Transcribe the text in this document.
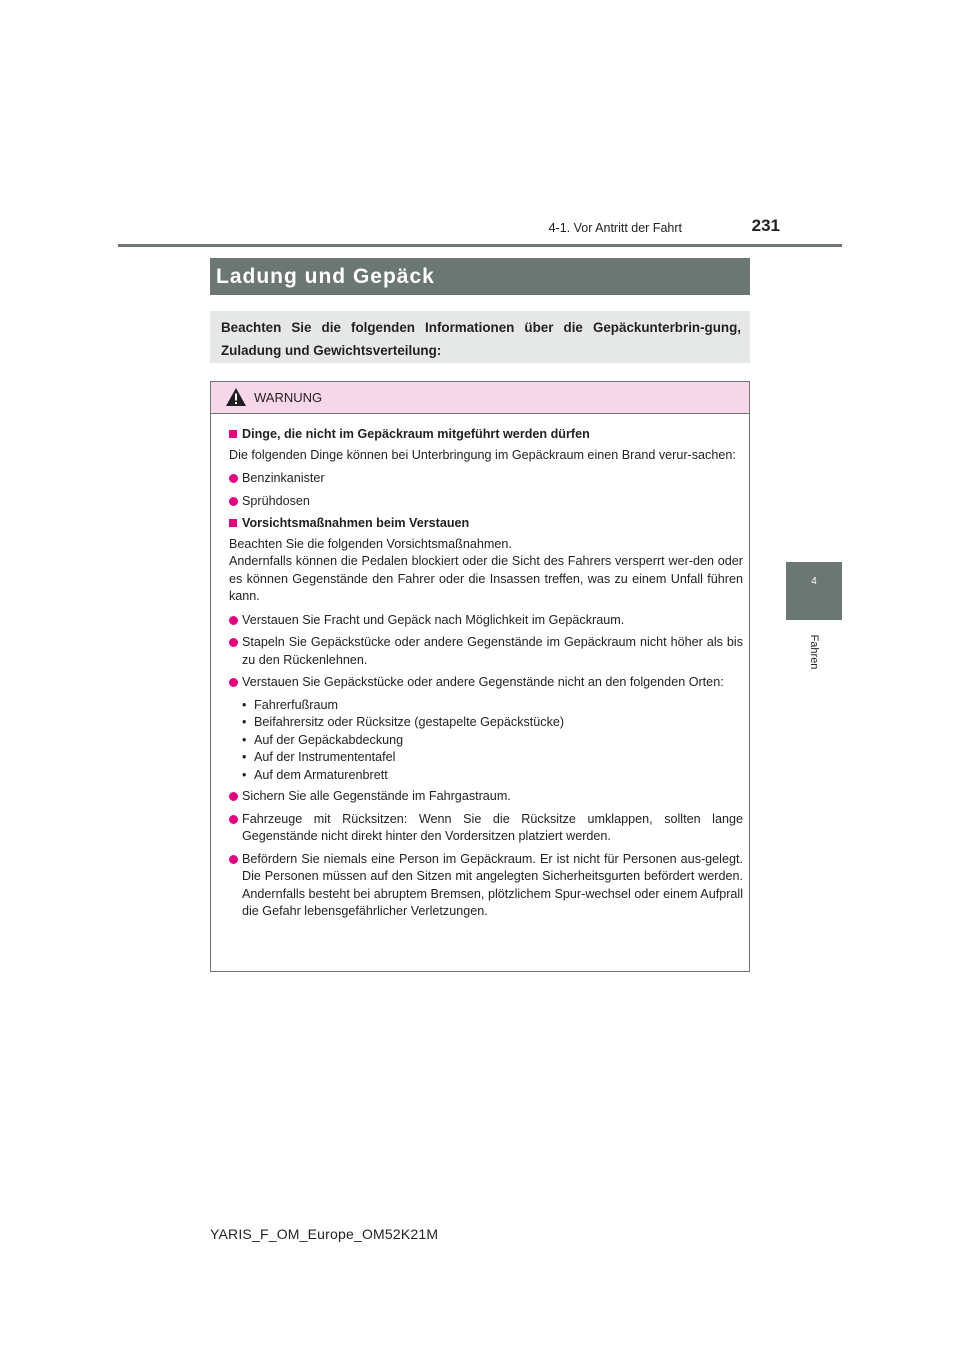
4-1. Vor Antritt der Fahrt	231
4
Fahren
Ladung und Gepäck
Beachten Sie die folgenden Informationen über die Gepäckunterbrin-gung, Zuladung und Gewichtsverteilung:
WARNUNG
Dinge, die nicht im Gepäckraum mitgeführt werden dürfen

Die folgenden Dinge können bei Unterbringung im Gepäckraum einen Brand verur-sachen:

Benzinkanister
Sprühdosen
Vorsichtsmaßnahmen beim Verstauen

Beachten Sie die folgenden Vorsichtsmaßnahmen.

Andernfalls können die Pedalen blockiert oder die Sicht des Fahrers versperrt wer-den oder es können Gegenstände den Fahrer oder die Insassen treffen, was zu einem Unfall führen kann.

Verstauen Sie Fracht und Gepäck nach Möglichkeit im Gepäckraum.
Stapeln Sie Gepäckstücke oder andere Gegenstände im Gepäckraum nicht höher als bis zu den Rückenlehnen.
Verstauen Sie Gepäckstücke oder andere Gegenstände nicht an den folgenden Orten:
• Fahrerfußraum
• Beifahrersitz oder Rücksitze (gestapelte Gepäckstücke)
• Auf der Gepäckabdeckung
• Auf der Instrumententafel
• Auf dem Armaturenbrett
Sichern Sie alle Gegenstände im Fahrgastraum.
Fahrzeuge mit Rücksitzen: Wenn Sie die Rücksitze umklappen, sollten lange Gegenstände nicht direkt hinter den Vordersitzen platziert werden.
Befördern Sie niemals eine Person im Gepäckraum. Er ist nicht für Personen aus-gelegt. Die Personen müssen auf den Sitzen mit angelegten Sicherheitsgurten befördert werden. Andernfalls besteht bei abruptem Bremsen, plötzlichem Spur-wechsel oder einem Aufprall die Gefahr lebensgefährlicher Verletzungen.
YARIS_F_OM_Europe_OM52K21M
